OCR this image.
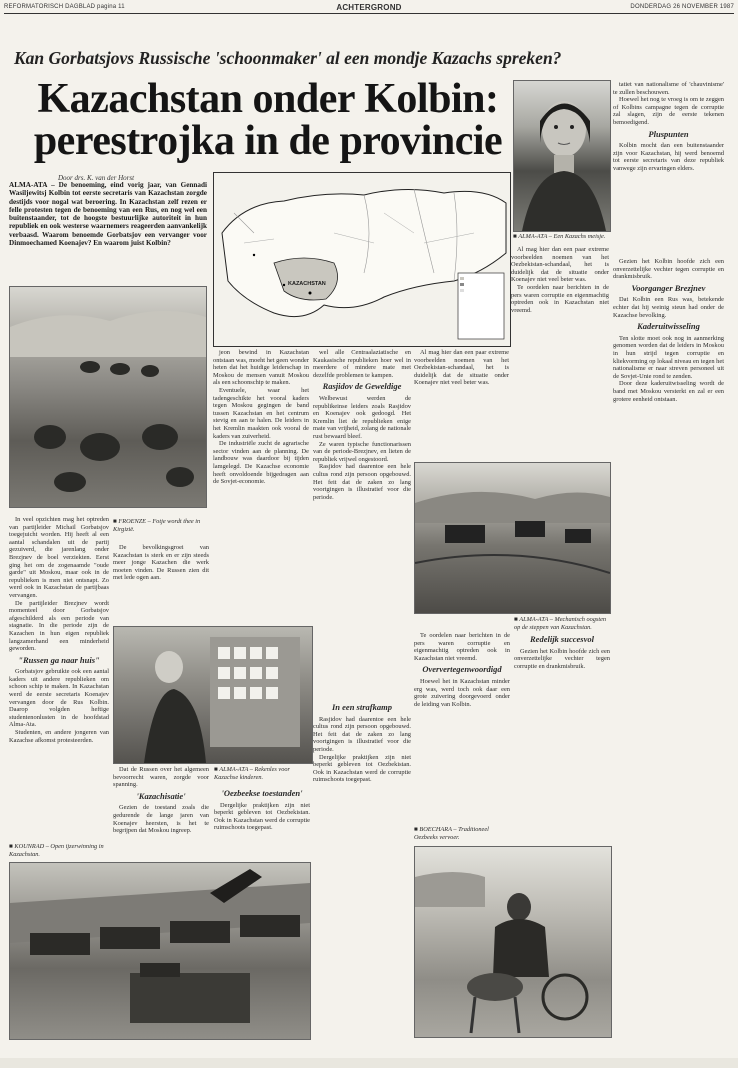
REFORMATORISCH DAGBLAD pagina 11	ACHTERGROND	DONDERDAG 26 NOVEMBER 1987
Kan Gorbatsjovs Russische 'schoonmaker' al een mondje Kazachs spreken?
Kazachstan onder Kolbin:
perestrojka in de provincie
Door drs. K. van der Horst
ALMA-ATA – De benoeming, eind vorig jaar, van Gennadi Wasiljewitsj Kolbin tot eerste secretaris van Kazachstan zorgde destijds voor nogal wat beroering. In Kazachstan zelf rezen er felle protesten tegen de benoeming van een Rus, en nog wel een buitenstaander, tot de hoogste bestuurlijke autoriteit in hun republiek en ook westerse waarnemers reageerden aanvankelijk verbaasd. Waarom benoemde Gorbatsjov een vervanger voor Dinmoechamed Koenajev? En waarom juist Kolbin?
■ ALMA-ATA – Een Kazachs meisje.

tatiet van nationalisme of 'chauvinisme' te zullen beschouwen.

Hoewel het nog te vroeg is om te zeggen of Kolbins campagne tegen de corruptie zal slagen, zijn de eerste tekenen bemoedigend.

Pluspunten

Kolbin mocht dan een buitenstaander zijn voor Kazachstan, hij werd benoemd tot eerste secretaris van deze republiek vanwege zijn ervaringen elders.

KAZACHSTAN

Al mag hier dan een paar extreme voorbeelden noemen van het Oezbekistan-schandaal, het is duidelijk dat de situatie onder Koenajev niet veel beter was.

Te oordelen naar berichten in de pers waren corruptie en eigenmachtig optreden ook in Kazachstan niet vreemd.

Gezien het Kolbin hoofde zich een onverzettelijke vechter tegen corruptie en drankmisbruik.

Voorganger Brezjnev

Dat Kolbin een Rus was, betekende echter dat hij weinig steun had onder de Kazachse bevolking.

Kaderuitwisseling

Ten slotte moet ook nog in aanmerking genomen worden dat de leiders in Moskou in hun strijd tegen corruptie en kliekvorming op lokaal niveau en tegen het nationalisme er naar streven personeel uit de Sovjet-Unie rond te zenden.

Door deze kaderuitwisseling wordt de band met Moskou versterkt en zal er een grotere eenheid ontstaan.

■ FROENZE – Fotje wordt thee in Kirgizië.

In veel opzichten mag het optreden van partijleider Michail Gorbatsjov toegejuicht worden. Hij heeft al een aantal schandalen uit de partij gezuiverd, die jarenlang onder Brezjnev de boel verziekten. Eerst ging het om de zogenaamde "oude garde" uit Moskou, maar ook in de republieken is men niet ontsnapt. Zo werd ook in Kazachstan de partijbaas vervangen.

De partijleider Brezjnev wordt momenteel door Gorbatsjov afgeschilderd als een periode van stagnatie. In die periode zijn de Kazachen in hun eigen republiek langzamerhand een minderheid geworden.

"Russen ga naar huis"

Gorbatsjov gebruikte ook een aantal kaders uit andere republieken om schoon schip te maken. In Kazachstan werd de eerste secretaris Koenajev vervangen door de Rus Kolbin. Daarop volgden heftige studentenonlusten in de hoofdstad Alma-Ata.

Studenten, en andere jongeren van Kazachse afkomst protesteerden.

De bevolkingsgroei van Kazachstan is sterk en er zijn steeds meer jonge Kazachen die werk moeten vinden. De Russen zien dit met lede ogen aan.

jeon bewind in Kazachstan ontstaan was, moeht het geen wonder heten dat het huidige leiderschap in Moskou de mensen vanuit Moskou als een schoonschip te maken.

Eventuele, waar het tadengeschikte het vooral kaders tegen Moskou gegingen de band tussen Kazachstan en het centrum stevig en aan te halen. De leiders in het Kremlin maakten ook vooral de kaders van zuiverheid.

De industriële zucht de agrarische sector vinden aan de planning. De landbouw was daardoor bij tijden lamgelegd. De Kazachse economie heeft onvoldoende bijgedragen aan de Sovjet-economie.

wel alle Centraalaziatische en Kaukasische republieken hoer wel in meerdere of mindere mate met dezelfde problemen te kampen.

Rasjidov de Geweldige

Welbewust werden de republikeinse leiders zoals Rasjidov en Koenajev ook gedoogd. Het Kremlin liet de republieken enige mate van vrijheid, zolang de nationale rust bewaard bleef.

Ze waren typische functionarissen van de periode-Brezjnev, en lieten de republiek vrijwel ongestoord.

Rasjidov had daarentoe een hele cultus rond zijn persoon opgebouwd. Het feit dat de zaken zo lang voortgingen is illustratief voor die periode.

Al mag hier dan een paar extreme voorbeelden noemen van het Oezbekistan-schandaal, het is duidelijk dat de situatie onder Koenajev niet veel beter was.

■ ALMA-ATA – Mechanisch oogsten op de steppen van Kazachstan.
■ ALMA-ATA – Rekenles voor Kazachse kinderen.

Dat de Russen over het algemeen bevoorrecht waren, zorgde voor spanning.

'Kazachisatie'

Gezien de toestand zoals die gedurende de lange jaren van Koenajev heersten, is het te begrijpen dat Moskou ingreep.

'Oezbeekse toestanden'

Dergelijke praktijken zijn niet beperkt gebleven tot Oezbekistan. Ook in Kazachstan werd de corruptie ruimschoots toegepast.

Te oordelen naar berichten in de pers waren corruptie en eigenmachtig optreden ook in Kazachstan niet vreemd.

Oververtegenwoordigd

Hoewel het in Kazachstan minder erg was, werd toch ook daar een grote zuivering doorgevoerd onder de leiding van Kolbin.

Redelijk succesvol

Gezien het Kolbin hoofde zich een onverzettelijke vechter tegen corruptie en drankmisbruik.

In een strafkamp

Rasjidov had daarentoe een hele cultus rond zijn persoon opgebouwd. Het feit dat de zaken zo lang voortgingen is illustratief voor die periode.

Dergelijke praktijken zijn niet beperkt gebleven tot Oezbekistan. Ook in Kazachstan werd de corruptie ruimschoots toegepast.

■ BOECHARA – Traditioneel Oezbeeks vervoer.
■ KOUNRAD – Open ijzerwinning in Kazachstan.
